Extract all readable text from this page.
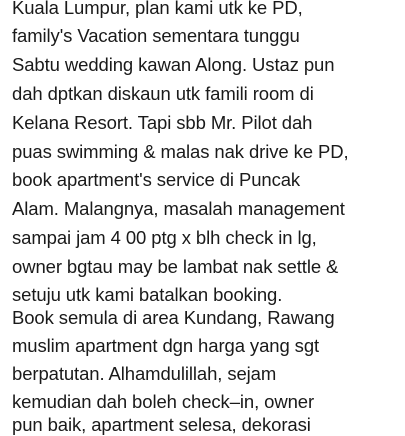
Kuala Lumpur, plan kami utk ke PD,
family's Vacation sementara tunggu
Sabtu wedding kawan Along. Ustaz pun
dah dptkan diskaun utk famili room di
Kelana Resort. Tapi sbb Mr. Pilot dah
puas swimming & malas nak drive ke PD,
book apartment's service di Puncak
Alam. Malangnya, masalah management
sampai jam 4 00 ptg x blh check in lg,
owner bgtau may be lambat nak settle &
setuju utk kami batalkan booking.
Book semula di area Kundang, Rawang
muslim apartment dgn harga yang sgt
berpatutan. Alhamdulillah, sejam
kemudian dah boleh check–in, owner
pun baik, apartment selesa, dekorasi
